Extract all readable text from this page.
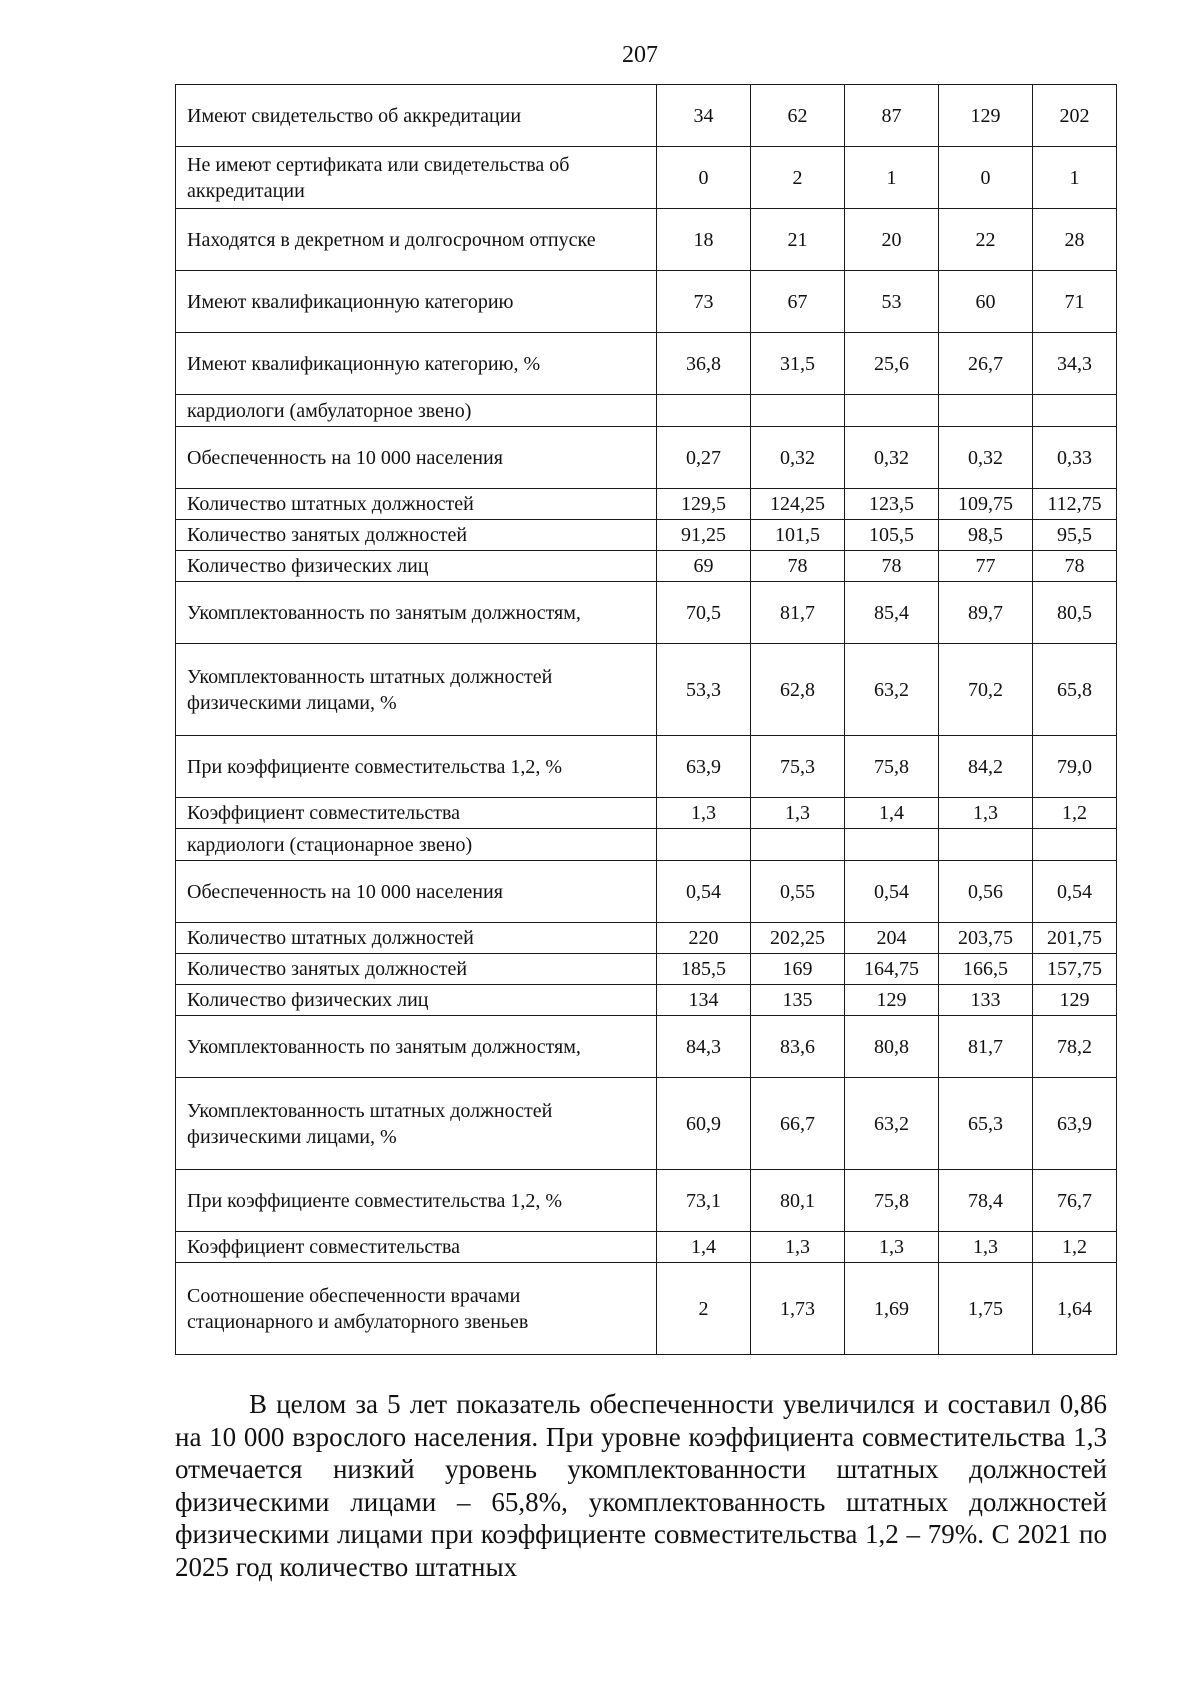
207
Имеют свидетельство об аккредитации	34	62	87	129	202
Не имеют сертификата или свидетельства об аккредитации	0	2	1	0	1
Находятся в декретном и долгосрочном отпуске	18	21	20	22	28
Имеют квалификационную категорию	73	67	53	60	71
Имеют квалификационную категорию, %	36,8	31,5	25,6	26,7	34,3
кардиологи (амбулаторное звено)					
Обеспеченность на 10 000 населения	0,27	0,32	0,32	0,32	0,33
Количество штатных должностей	129,5	124,25	123,5	109,75	112,75
Количество занятых должностей	91,25	101,5	105,5	98,5	95,5
Количество физических лиц	69	78	78	77	78
Укомплектованность по занятым должностям,	70,5	81,7	85,4	89,7	80,5
Укомплектованность штатных должностей физическими лицами, %	53,3	62,8	63,2	70,2	65,8
При коэффициенте совместительства 1,2, %	63,9	75,3	75,8	84,2	79,0
Коэффициент совместительства	1,3	1,3	1,4	1,3	1,2
кардиологи (стационарное звено)					
Обеспеченность на 10 000 населения	0,54	0,55	0,54	0,56	0,54
Количество штатных должностей	220	202,25	204	203,75	201,75
Количество занятых должностей	185,5	169	164,75	166,5	157,75
Количество физических лиц	134	135	129	133	129
Укомплектованность по занятым должностям,	84,3	83,6	80,8	81,7	78,2
Укомплектованность штатных должностей физическими лицами, %	60,9	66,7	63,2	65,3	63,9
При коэффициенте совместительства 1,2, %	73,1	80,1	75,8	78,4	76,7
Коэффициент совместительства	1,4	1,3	1,3	1,3	1,2
Соотношение обеспеченности врачами стационарного и амбулаторного звеньев	2	1,73	1,69	1,75	1,64

В целом за 5 лет показатель обеспеченности увеличился и составил 0,86 на 10 000 взрослого населения. При уровне коэффициента совместительства 1,3 отмечается низкий уровень укомплектованности штатных должностей физическими лицами – 65,8%, укомплектованность штатных должностей физическими лицами при коэффициенте совместительства 1,2 – 79%. С 2021 по 2025 год количество штатных
